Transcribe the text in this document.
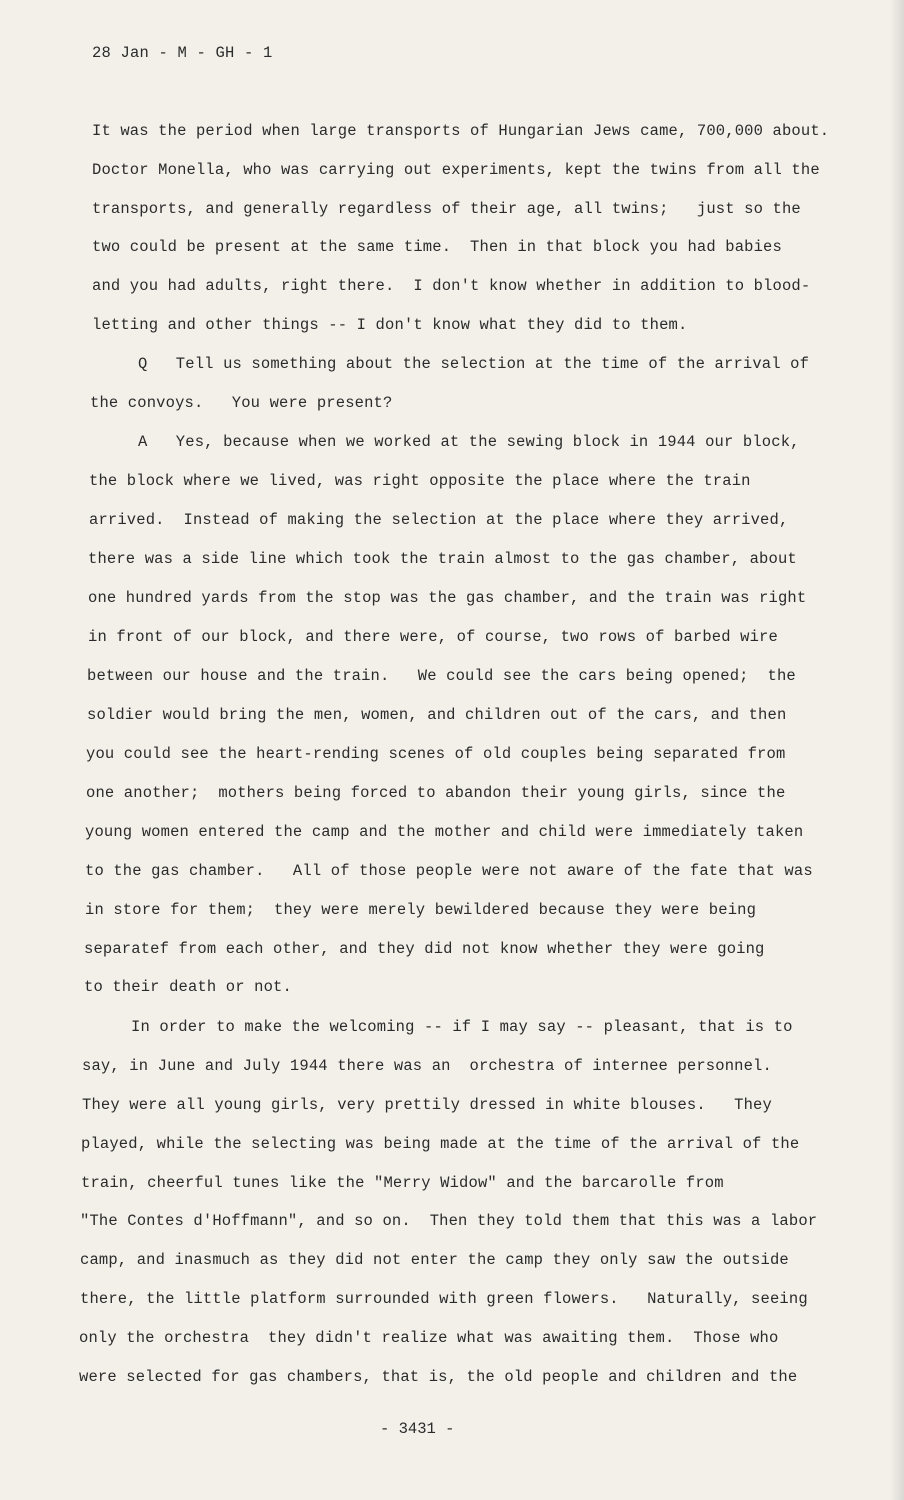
28 Jan - M - GH - 1
It was the period when large transports of Hungarian Jews came, 700,000 about.
Doctor Monella, who was carrying out experiments, kept the twins from all the
transports, and generally regardless of their age, all twins;   just so the
two could be present at the same time.  Then in that block you had babies
and you had adults, right there.  I don't know whether in addition to blood-
letting and other things -- I don't know what they did to them.
Q   Tell us something about the selection at the time of the arrival of
the convoys.   You were present?
A   Yes, because when we worked at the sewing block in 1944 our block,
the block where we lived, was right opposite the place where the train
arrived.  Instead of making the selection at the place where they arrived,
there was a side line which took the train almost to the gas chamber, about
one hundred yards from the stop was the gas chamber, and the train was right
in front of our block, and there were, of course, two rows of barbed wire
between our house and the train.   We could see the cars being opened;  the
soldier would bring the men, women, and children out of the cars, and then
you could see the heart-rending scenes of old couples being separated from
one another;  mothers being forced to abandon their young girls, since the
young women entered the camp and the mother and child were immediately taken
to the gas chamber.   All of those people were not aware of the fate that was
in store for them;  they were merely bewildered because they were being
separatef from each other, and they did not know whether they were going
to their death or not.
In order to make the welcoming -- if I may say -- pleasant, that is to
say, in June and July 1944 there was an  orchestra of internee personnel.
They were all young girls, very prettily dressed in white blouses.   They
played, while the selecting was being made at the time of the arrival of the
train, cheerful tunes like the "Merry Widow" and the barcarolle from
"The Contes d'Hoffmann", and so on.  Then they told them that this was a labor
camp, and inasmuch as they did not enter the camp they only saw the outside
there, the little platform surrounded with green flowers.   Naturally, seeing
only the orchestra  they didn't realize what was awaiting them.  Those who
were selected for gas chambers, that is, the old people and children and the
- 3431 -
